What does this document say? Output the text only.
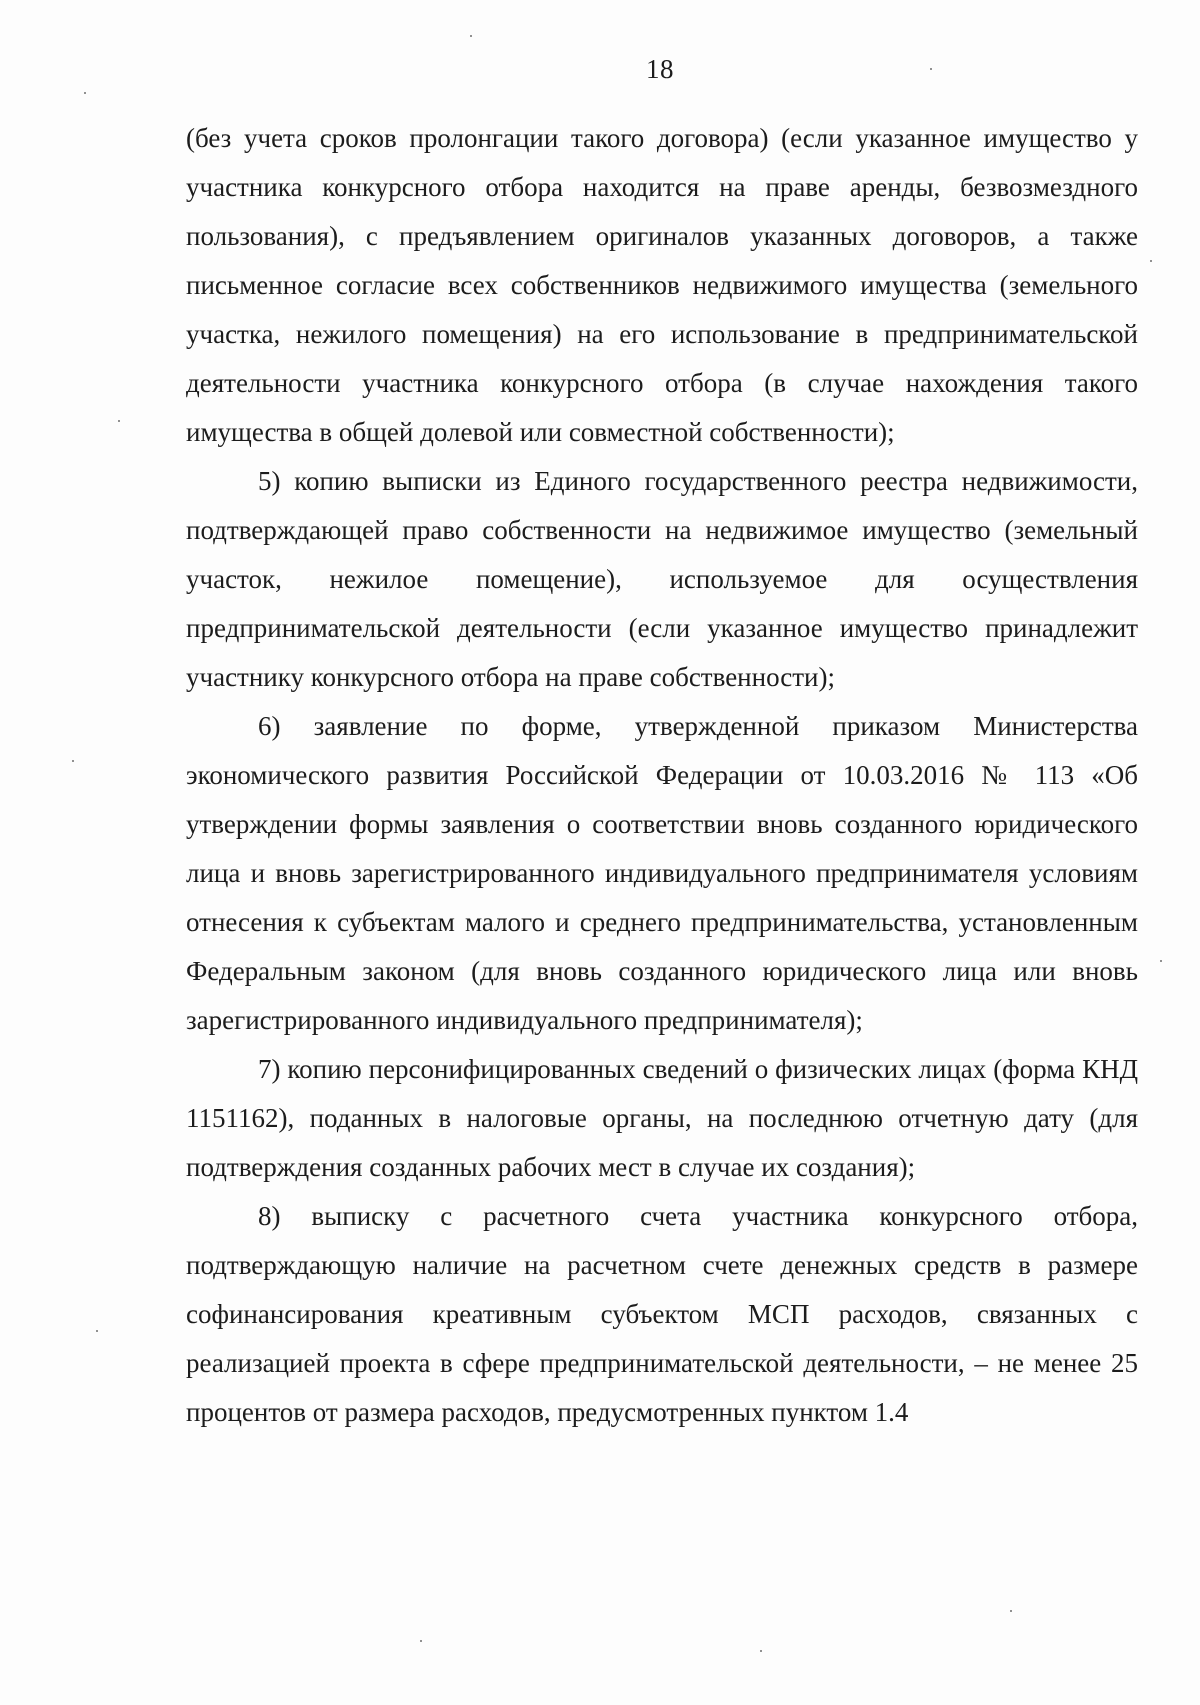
18

(без учета сроков пролонгации такого договора) (если указанное имущество у участника конкурсного отбора находится на праве аренды, безвозмездного пользования), с предъявлением оригиналов указанных договоров, а также письменное согласие всех собственников недвижимого имущества (земельного участка, нежилого помещения) на его использование в предпринимательской деятельности участника конкурсного отбора (в случае нахождения такого имущества в общей долевой или совместной собственности);

5) копию выписки из Единого государственного реестра недвижимости, подтверждающей право собственности на недвижимое имущество (земельный участок, нежилое помещение), используемое для осуществления предпринимательской деятельности (если указанное имущество принадлежит участнику конкурсного отбора на праве собственности);

6) заявление по форме, утвержденной приказом Министерства экономического развития Российской Федерации от 10.03.2016 № 113 «Об утверждении формы заявления о соответствии вновь созданного юридического лица и вновь зарегистрированного индивидуального предпринимателя условиям отнесения к субъектам малого и среднего предпринимательства, установленным Федеральным законом (для вновь созданного юридического лица или вновь зарегистрированного индивидуального предпринимателя);

7) копию персонифицированных сведений о физических лицах (форма КНД 1151162), поданных в налоговые органы, на последнюю отчетную дату (для подтверждения созданных рабочих мест в случае их создания);

8) выписку с расчетного счета участника конкурсного отбора, подтверждающую наличие на расчетном счете денежных средств в размере софинансирования креативным субъектом МСП расходов, связанных с реализацией проекта в сфере предпринимательской деятельности, – не менее 25 процентов от размера расходов, предусмотренных пунктом 1.4
